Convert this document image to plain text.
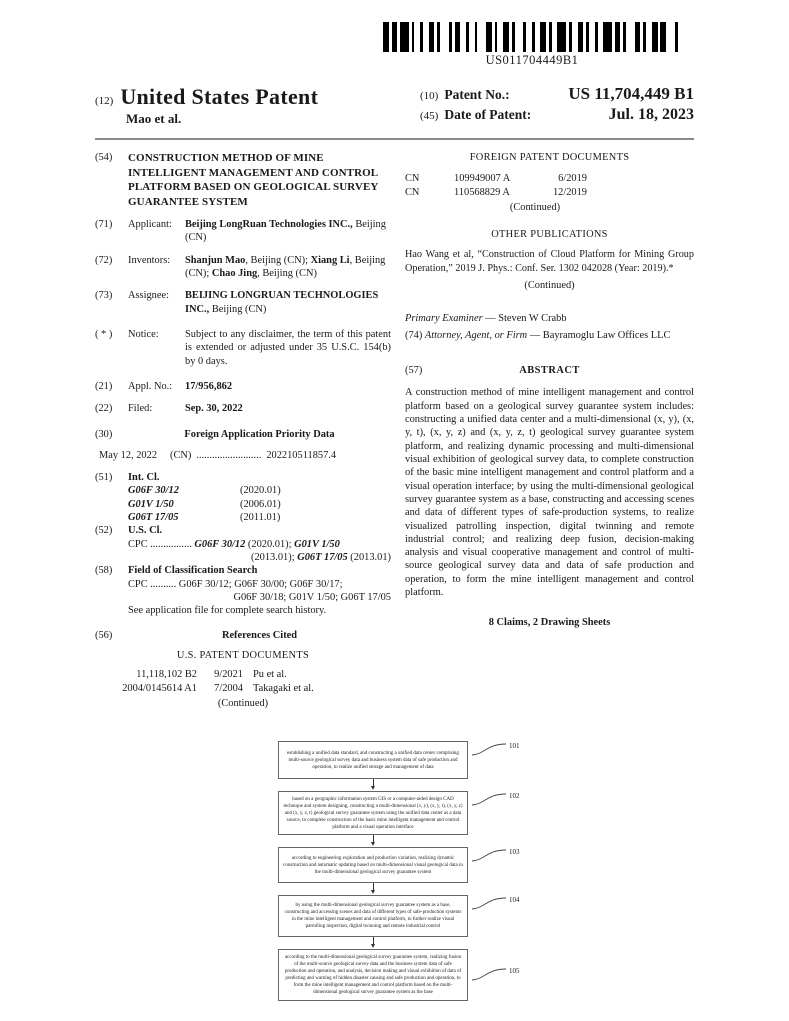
US011704449B1
(12) United States Patent
Mao et al.
(10) Patent No.:	US 11,704,449 B1
(45) Date of Patent:	Jul. 18, 2023
(54)	CONSTRUCTION METHOD OF MINE INTELLIGENT MANAGEMENT AND CONTROL PLATFORM BASED ON GEOLOGICAL SURVEY GUARANTEE SYSTEM
(71)	Applicant:	Beijing LongRuan Technologies INC., Beijing (CN)
(72)	Inventors:	Shanjun Mao, Beijing (CN); Xiang Li, Beijing (CN); Chao Jing, Beijing (CN)
(73)	Assignee:	BEIJING LONGRUAN TECHNOLOGIES INC., Beijing (CN)
( * )	Notice:	Subject to any disclaimer, the term of this patent is extended or adjusted under 35 U.S.C. 154(b) by 0 days.
(21)	Appl. No.:	17/956,862
(22)	Filed:	Sep. 30, 2022
(30)	Foreign Application Priority Data
May 12, 2022 (CN) ......................... 202210511857.4
(51)	Int. Cl.
G06F 30/12	(2020.01)
G01V 1/50	(2006.01)
G06T 17/05	(2011.01)
(52)	U.S. Cl.
CPC ................ G06F 30/12 (2020.01); G01V 1/50
(2013.01); G06T 17/05 (2013.01)
(58)	Field of Classification Search
CPC .......... G06F 30/12; G06F 30/00; G06F 30/17;
G06F 30/18; G01V 1/50; G06T 17/05
See application file for complete search history.
(56)	References Cited
U.S. PATENT DOCUMENTS
11,118,102 B2	9/2021 Pu et al.
2004/0145614 A1	7/2004 Takagaki et al.
(Continued)
FOREIGN PATENT DOCUMENTS
CN	109949007 A	6/2019
CN	110568829 A	12/2019
(Continued)
OTHER PUBLICATIONS
Hao Wang et al, “Construction of Cloud Platform for Mining Group Operation,” 2019 J. Phys.: Conf. Ser. 1302 042028 (Year: 2019).*
(Continued)
Primary Examiner — Steven W Crabb
(74) Attorney, Agent, or Firm — Bayramoglu Law Offices LLC
(57)	ABSTRACT
A construction method of mine intelligent management and control platform based on a geological survey guarantee system includes: constructing a unified data center and a multi-dimensional (x, y), (x, y, t), (x, y, z) and (x, y, z, t) geological survey guarantee system platform, and realizing dynamic processing and multi-dimensional visual exhibition of geological survey data, to complete construction of the basic mine intelligent management and control platform and a visual operation interface; by using the multi-dimensional geological survey guarantee system as a base, constructing and accessing scenes and data of different types of safe-production systems, to realize visualized patrolling inspection, digital twinning and remote industrial control; and realizing deep fusion, decision-making analysis and visual cooperative management and control of multi-source geological survey data and data of safe production and operation, to form the mine intelligent management and control platform.
8 Claims, 2 Drawing Sheets
establishing a unified data standard, and constructing a unified data center comprising multi-source geological survey data and business system data of safe production and operation, to realize unified storage and management of data
101
based on a geographic information system GIS or a computer-aided design CAD technique and system designing, constructing a multi-dimensional (x, y), (x, y, t), (x, y, z) and (x, y, z, t) geological survey guarantee system using the unified data center as a data source, to complete construction of the basic mine intelligent management and control platform and a visual operation interface
102
according to engineering exploration and production variation, realizing dynamic construction and automatic updating based on multi-dimensional visual geological data in the multi-dimensional geological survey guarantee system
103
by using the multi-dimensional geological survey guarantee system as a base, constructing and accessing scenes and data of different types of safe-production systems in the mine intelligent management and control platform, to further realize visual patrolling inspection, digital twinning and remote industrial control
104
according to the multi-dimensional geological survey guarantee system, realizing fusion of the multi-source geological survey data and the business system data of safe production and operation, and analysis, decision making and visual exhibition of data of predicting and warning of hidden disaster causing and safe production and operation, to form the mine intelligent management and control platform based on the multi-dimensional geological survey guarantee system as the base
105
